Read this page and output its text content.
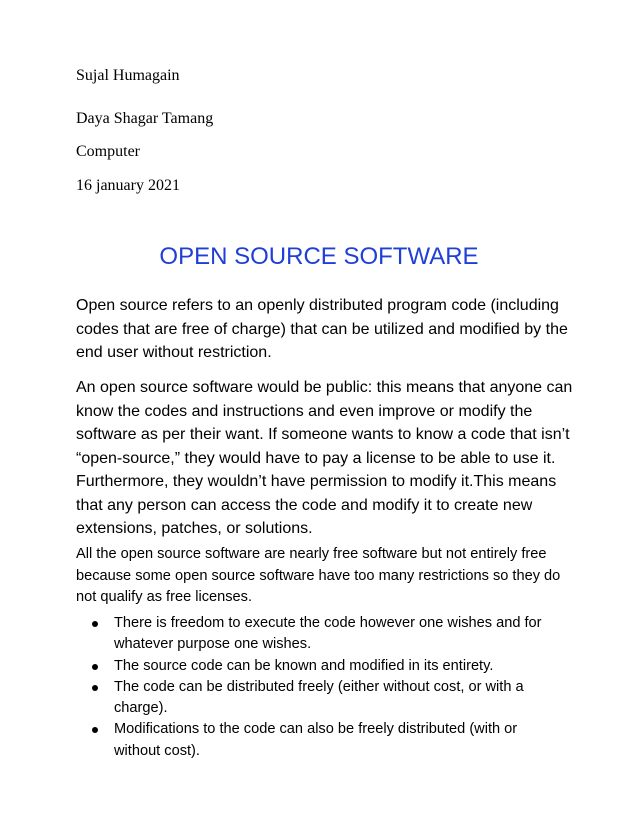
Sujal Humagain
Daya Shagar Tamang
Computer
16 january 2021
OPEN SOURCE SOFTWARE

Open source refers to an openly distributed program code (including
codes that are free of charge) that can be utilized and modified by the
end user without restriction.

An open source software would be public: this means that anyone can
know the codes and instructions and even improve or modify the
software as per their want. If someone wants to know a code that isn’t
“open-source,” they would have to pay a license to be able to use it.
Furthermore, they wouldn’t have permission to modify it.This means
that any person can access the code and modify it to create new
extensions, patches, or solutions.

All the open source software are nearly free software but not entirely free
because some open source software have too many restrictions so they do
not qualify as free licenses.

There is freedom to execute the code however one wishes and for
whatever purpose one wishes.
The source code can be known and modified in its entirety.
The code can be distributed freely (either without cost, or with a
charge).
Modifications to the code can also be freely distributed (with or
without cost).
